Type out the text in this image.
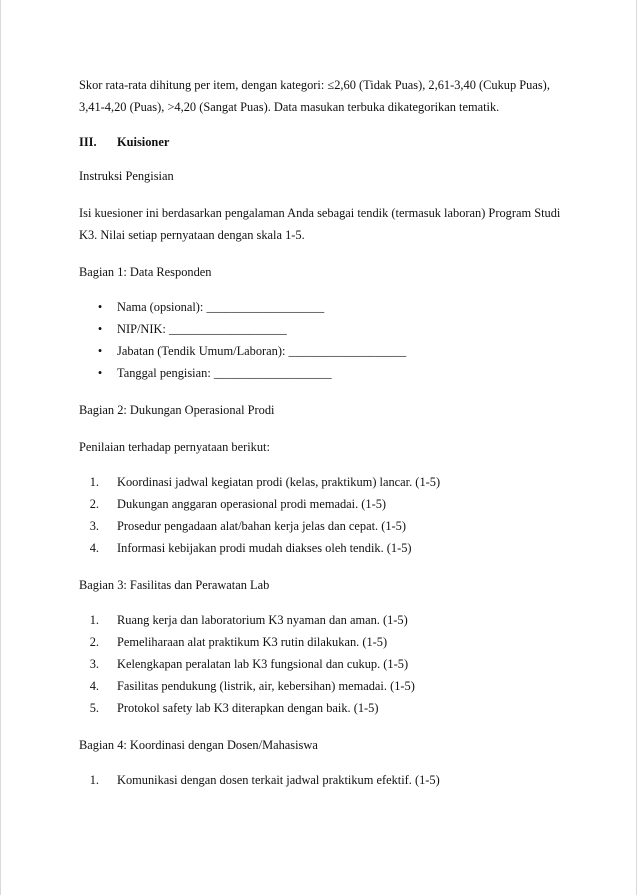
Skor rata-rata dihitung per item, dengan kategori: ≤2,60 (Tidak Puas), 2,61-3,40 (Cukup Puas), 3,41-4,20 (Puas), >4,20 (Sangat Puas). Data masukan terbuka dikategorikan tematik.

III.	Kuisioner

Instruksi Pengisian

Isi kuesioner ini berdasarkan pengalaman Anda sebagai tendik (termasuk laboran) Program Studi K3. Nilai setiap pernyataan dengan skala 1-5.

Bagian 1: Data Responden

•	Nama (opsional): ___________________
•	NIP/NIK: ___________________
•	Jabatan (Tendik Umum/Laboran): ___________________
•	Tanggal pengisian: ___________________

Bagian 2: Dukungan Operasional Prodi

Penilaian terhadap pernyataan berikut:

1.	Koordinasi jadwal kegiatan prodi (kelas, praktikum) lancar. (1-5)
2.	Dukungan anggaran operasional prodi memadai. (1-5)
3.	Prosedur pengadaan alat/bahan kerja jelas dan cepat. (1-5)
4.	Informasi kebijakan prodi mudah diakses oleh tendik. (1-5)

Bagian 3: Fasilitas dan Perawatan Lab

1.	Ruang kerja dan laboratorium K3 nyaman dan aman. (1-5)
2.	Pemeliharaan alat praktikum K3 rutin dilakukan. (1-5)
3.	Kelengkapan peralatan lab K3 fungsional dan cukup. (1-5)
4.	Fasilitas pendukung (listrik, air, kebersihan) memadai. (1-5)
5.	Protokol safety lab K3 diterapkan dengan baik. (1-5)

Bagian 4: Koordinasi dengan Dosen/Mahasiswa

1.	Komunikasi dengan dosen terkait jadwal praktikum efektif. (1-5)
